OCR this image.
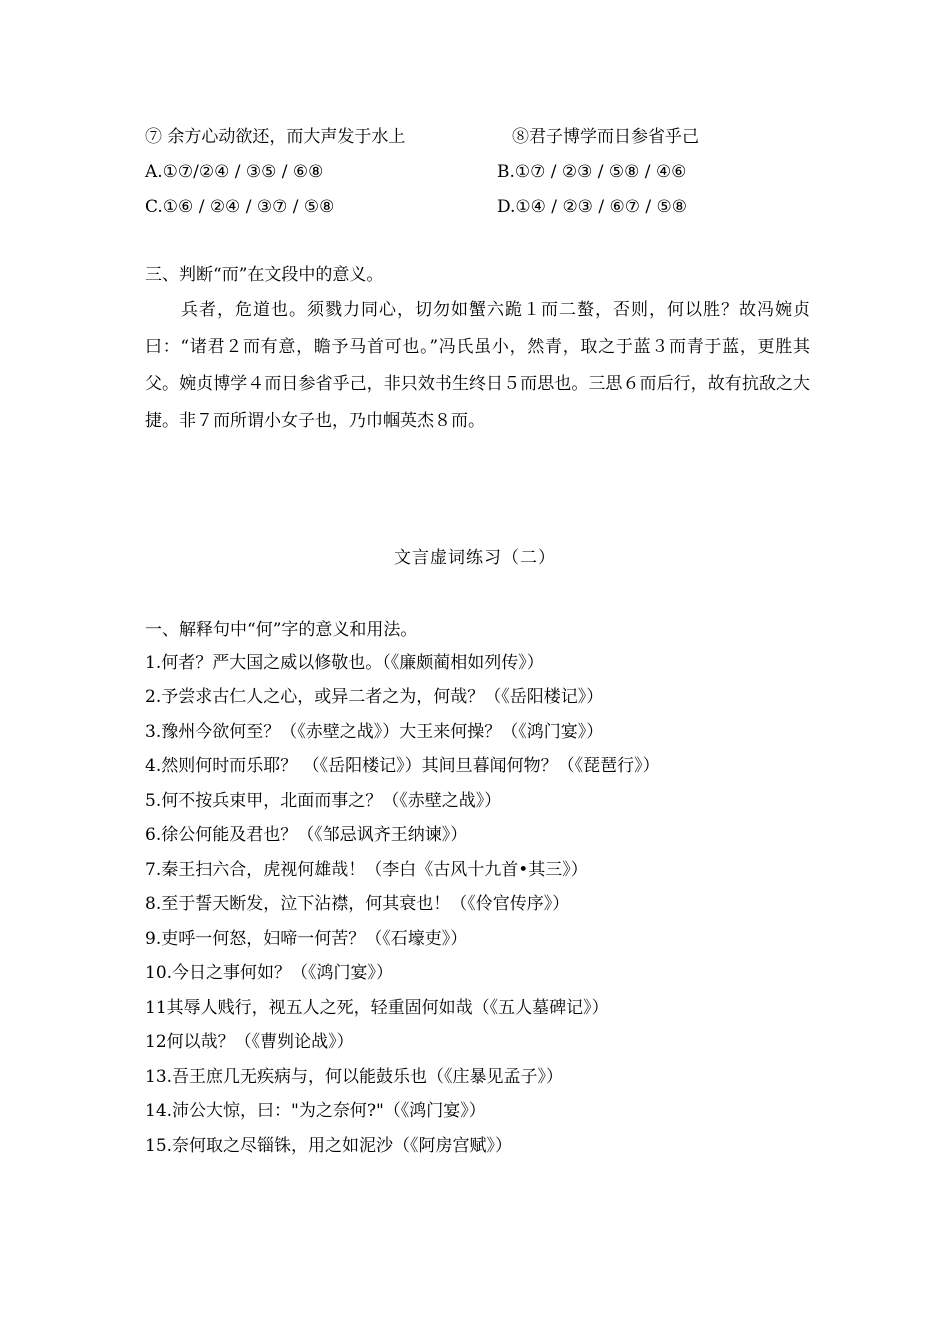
⑦ 余方心动欲还，而大声发于水上	⑧君子博学而日参省乎己
A.①⑦/②④ / ③⑤ / ⑥⑧	B.①⑦ / ②③ / ⑤⑧ / ④⑥
C.①⑥ / ②④ / ③⑦ / ⑤⑧	D.①④ / ②③ / ⑥⑦ / ⑤⑧
三、判断“而”在文段中的意义。
兵者，危道也。须戮力同心，切勿如蟹六跪１而二螯，否则，何以胜？故冯婉贞曰：“诸君２而有意，瞻予马首可也。”冯氏虽小，然青，取之于蓝３而青于蓝，更胜其父。婉贞博学４而日参省乎己，非只效书生终日５而思也。三思６而后行，故有抗敌之大捷。非７而所谓小女子也，乃巾帼英杰８而。
文言虚词练习（二）
一、解释句中“何”字的意义和用法。
1.何者？严大国之威以修敬也。（《廉颇蔺相如列传》）
2.予尝求古仁人之心，或异二者之为，何哉？（《岳阳楼记》）
3.豫州今欲何至？（《赤壁之战》）大王来何操？（《鸿门宴》）
4.然则何时而乐耶？ （《岳阳楼记》）其间旦暮闻何物？（《琵琶行》）
5.何不按兵束甲，北面而事之？（《赤壁之战》）
6.徐公何能及君也？（《邹忌讽齐王纳谏》）
7.秦王扫六合，虎视何雄哉！（李白《古风十九首•其三》）
8.至于誓天断发，泣下沾襟，何其衰也！（《伶官传序》）
9.吏呼一何怒，妇啼一何苦？（《石壕吏》）
10.今日之事何如？（《鸿门宴》）
11其辱人贱行，视五人之死，轻重固何如哉（《五人墓碑记》）
12何以哉？（《曹刿论战》）
13.吾王庶几无疾病与，何以能鼓乐也（《庄暴见孟子》）
14.沛公大惊，曰："为之奈何?"（《鸿门宴》）
15.奈何取之尽锱铢，用之如泥沙（《阿房宫赋》）
